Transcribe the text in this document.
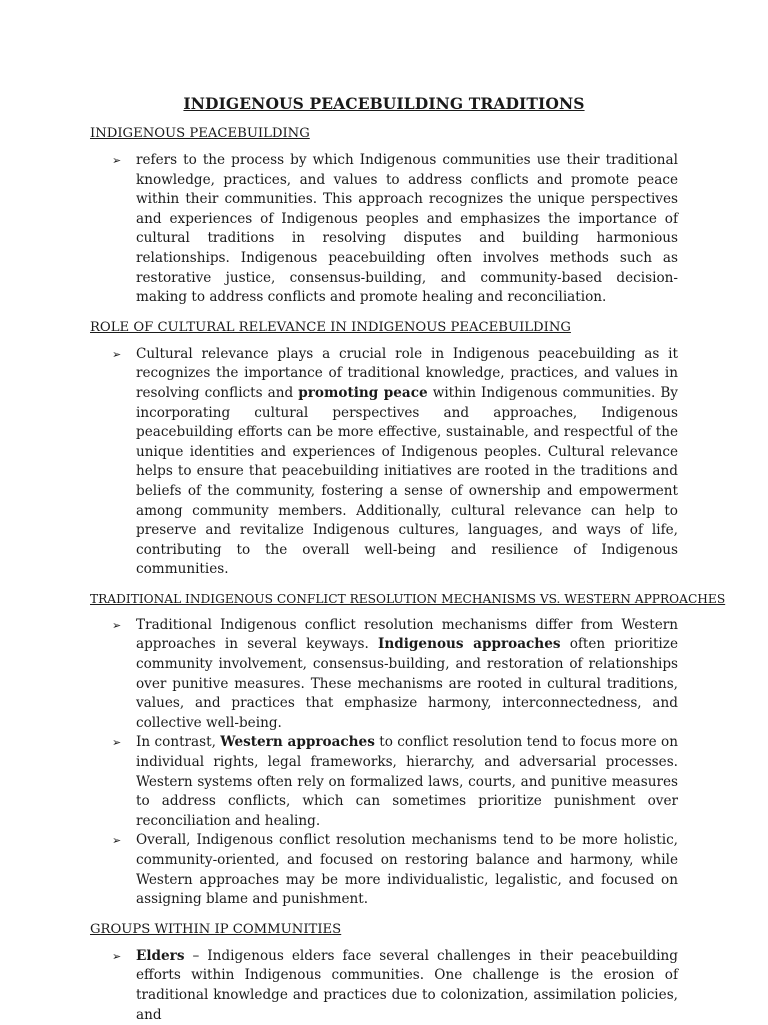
INDIGENOUS PEACEBUILDING TRADITIONS
INDIGENOUS PEACEBUILDING
➢ refers to the process by which Indigenous communities use their traditional knowledge, practices, and values to address conflicts and promote peace within their communities. This approach recognizes the unique perspectives and experiences of Indigenous peoples and emphasizes the importance of cultural traditions in resolving disputes and building harmonious relationships. Indigenous peacebuilding often involves methods such as restorative justice, consensus-building, and community-based decision-making to address conflicts and promote healing and reconciliation.
ROLE OF CULTURAL RELEVANCE IN INDIGENOUS PEACEBUILDING
➢ Cultural relevance plays a crucial role in Indigenous peacebuilding as it recognizes the importance of traditional knowledge, practices, and values in resolving conflicts and promoting peace within Indigenous communities. By incorporating cultural perspectives and approaches, Indigenous peacebuilding efforts can be more effective, sustainable, and respectful of the unique identities and experiences of Indigenous peoples. Cultural relevance helps to ensure that peacebuilding initiatives are rooted in the traditions and beliefs of the community, fostering a sense of ownership and empowerment among community members. Additionally, cultural relevance can help to preserve and revitalize Indigenous cultures, languages, and ways of life, contributing to the overall well-being and resilience of Indigenous communities.
TRADITIONAL INDIGENOUS CONFLICT RESOLUTION MECHANISMS VS. WESTERN APPROACHES
➢ Traditional Indigenous conflict resolution mechanisms differ from Western approaches in several keyways. Indigenous approaches often prioritize community involvement, consensus-building, and restoration of relationships over punitive measures. These mechanisms are rooted in cultural traditions, values, and practices that emphasize harmony, interconnectedness, and collective well-being.
➢ In contrast, Western approaches to conflict resolution tend to focus more on individual rights, legal frameworks, hierarchy, and adversarial processes. Western systems often rely on formalized laws, courts, and punitive measures to address conflicts, which can sometimes prioritize punishment over reconciliation and healing.
➢ Overall, Indigenous conflict resolution mechanisms tend to be more holistic, community-oriented, and focused on restoring balance and harmony, while Western approaches may be more individualistic, legalistic, and focused on assigning blame and punishment.
GROUPS WITHIN IP COMMUNITIES
➢ Elders – Indigenous elders face several challenges in their peacebuilding efforts within Indigenous communities. One challenge is the erosion of traditional knowledge and practices due to colonization, assimilation policies, and
